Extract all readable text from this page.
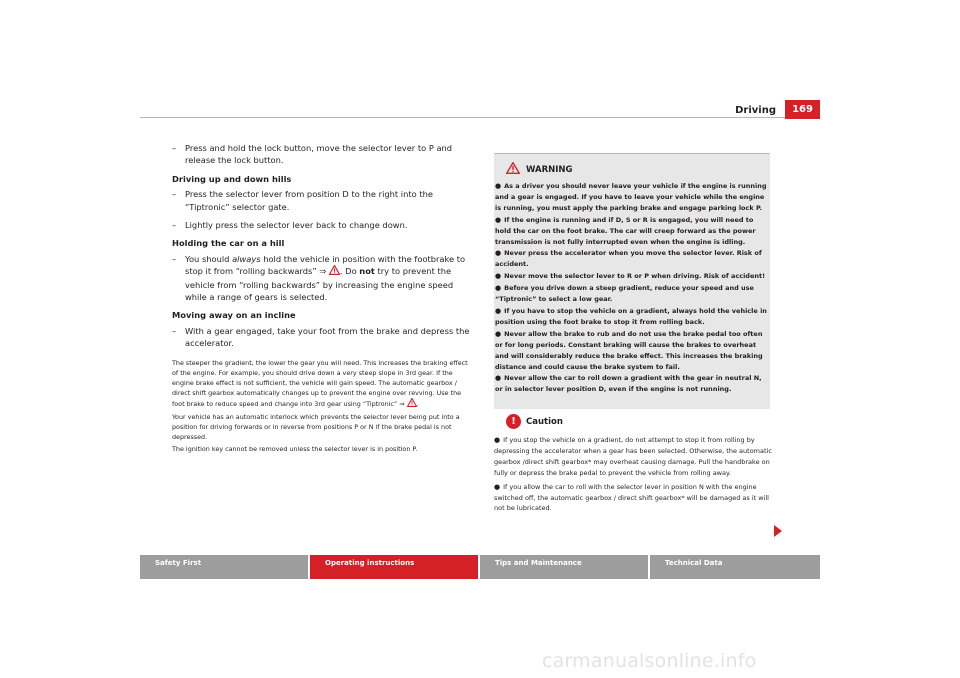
Driving	169
– Press and hold the lock button, move the selector lever to P and release the lock button.
Driving up and down hills
– Press the selector lever from position D to the right into the “Tiptronic” selector gate.
– Lightly press the selector lever back to change down.
Holding the car on a hill
– You should always hold the vehicle in position with the footbrake to stop it from “rolling backwards” ⇒ . Do not try to prevent the vehicle from “rolling backwards” by increasing the engine speed while a range of gears is selected.
Moving away on an incline
– With a gear engaged, take your foot from the brake and depress the accelerator.

The steeper the gradient, the lower the gear you will need. This increases the braking effect of the engine. For example, you should drive down a very steep slope in 3rd gear. If the engine brake effect is not sufficient, the vehicle will gain speed. The automatic gearbox / direct shift gearbox automatically changes up to prevent the engine over revving. Use the foot brake to reduce speed and change into 3rd gear using “Tiptronic” ⇒ .

Your vehicle has an automatic interlock which prevents the selector lever being put into a position for driving forwards or in reverse from positions P or N if the brake pedal is not depressed.

The ignition key cannot be removed unless the selector lever is in position P.

WARNING
● As a driver you should never leave your vehicle if the engine is running and a gear is engaged. If you have to leave your vehicle while the engine is running, you must apply the parking brake and engage parking lock P.
● If the engine is running and if D, S or R is engaged, you will need to hold the car on the foot brake. The car will creep forward as the power transmission is not fully interrupted even when the engine is idling.
● Never press the accelerator when you move the selector lever. Risk of accident.
● Never move the selector lever to R or P when driving. Risk of accident!
● Before you drive down a steep gradient, reduce your speed and use “Tiptronic” to select a low gear.
● If you have to stop the vehicle on a gradient, always hold the vehicle in position using the foot brake to stop it from rolling back.
● Never allow the brake to rub and do not use the brake pedal too often or for long periods. Constant braking will cause the brakes to overheat and will considerably reduce the brake effect. This increases the braking distance and could cause the brake system to fail.
● Never allow the car to roll down a gradient with the gear in neutral N, or in selector lever position D, even if the engine is not running.
!	Caution
● If you stop the vehicle on a gradient, do not attempt to stop it from rolling by depressing the accelerator when a gear has been selected. Otherwise, the automatic gearbox /direct shift gearbox* may overheat causing damage. Pull the handbrake on fully or depress the brake pedal to prevent the vehicle from rolling away.
● If you allow the car to roll with the selector lever in position N with the engine switched off, the automatic gearbox / direct shift gearbox* will be damaged as it will not be lubricated.
Safety First	Operating instructions	Tips and Maintenance	Technical Data
carmanualsonline.info
